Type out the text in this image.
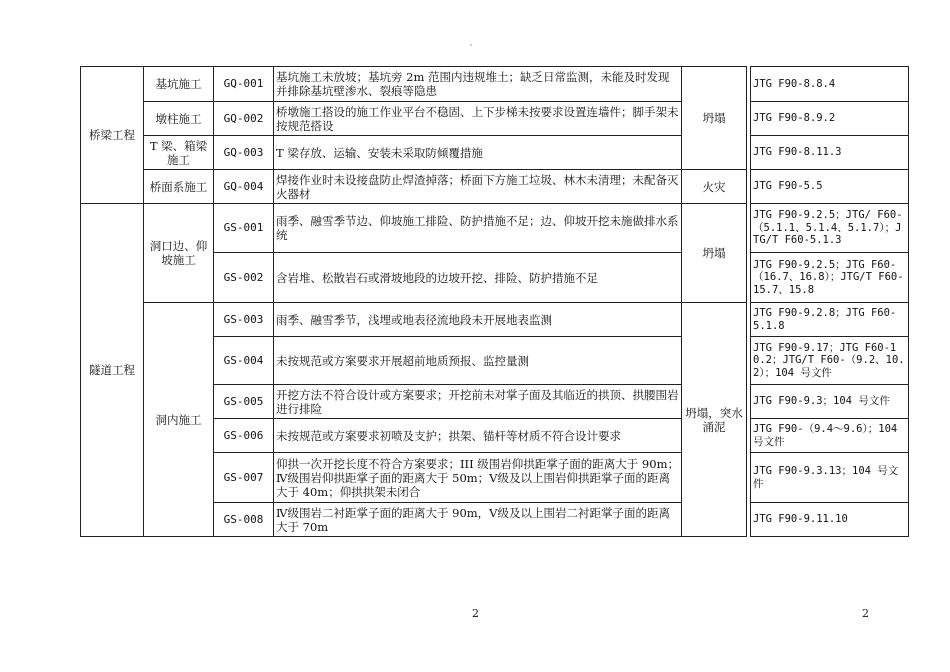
桥梁工程	基坑施工	GQ-001	基坑施工未放坡；基坑旁 2m 范围内违规堆土；缺乏日常监测，未能及时发现并排除基坑壁渗水、裂痕等隐患	坍塌		JTG F90-8.8.4
	墩柱施工	GQ-002	桥墩施工搭设的施工作业平台不稳固、上下步梯未按要求设置连墙件；脚手架未按规范搭设			JTG F90-8.9.2
	T 梁、箱梁施工	GQ-003	T 梁存放、运输、安装未采取防倾覆措施			JTG F90-8.11.3
	桥面系施工	GQ-004	焊接作业时未设接盘防止焊渣掉落；桥面下方施工垃圾、林木未清理；未配备灭火器材	火灾		JTG F90-5.5
隧道工程	洞口边、仰坡施工	GS-001	雨季、融雪季节边、仰坡施工排险、防护措施不足；边、仰坡开挖未施做排水系统	坍塌		JTG F90-9.2.5；JTG/ F60-（5.1.1、5.1.4、5.1.7）；JTG/T F60-5.1.3
		GS-002	含岩堆、松散岩石或滑坡地段的边坡开挖、排险、防护措施不足			JTG F90-9.2.5；JTG F60-（16.7、16.8）；JTG/T F60-15.7、15.8
	洞内施工	GS-003	雨季、融雪季节，浅埋或地表径流地段未开展地表监测	坍塌，突水涌泥		JTG F90-9.2.8；JTG F60-5.1.8
		GS-004	未按规范或方案要求开展超前地质预报、监控量测			JTG F90-9.17；JTG F60-10.2；JTG/T F60-（9.2、10.2）；104 号文件
		GS-005	开挖方法不符合设计或方案要求；开挖前未对掌子面及其临近的拱顶、拱腰围岩进行排险			JTG F90-9.3；104 号文件
		GS-006	未按规范或方案要求初喷及支护；拱架、锚杆等材质不符合设计要求			JTG F90-（9.4～9.6）；104 号文件
		GS-007	仰拱一次开挖长度不符合方案要求；III 级围岩仰拱距掌子面的距离大于 90m；Ⅳ级围岩仰拱距掌子面的距离大于 50m；Ⅴ级及以上围岩仰拱距掌子面的距离大于 40m；仰拱拱架未闭合			JTG F90-9.3.13；104 号文件
		GS-008	Ⅳ级围岩二衬距掌子面的距离大于 90m，Ⅴ级及以上围岩二衬距掌子面的距离大于 70m			JTG F90-9.11.10
2	2
